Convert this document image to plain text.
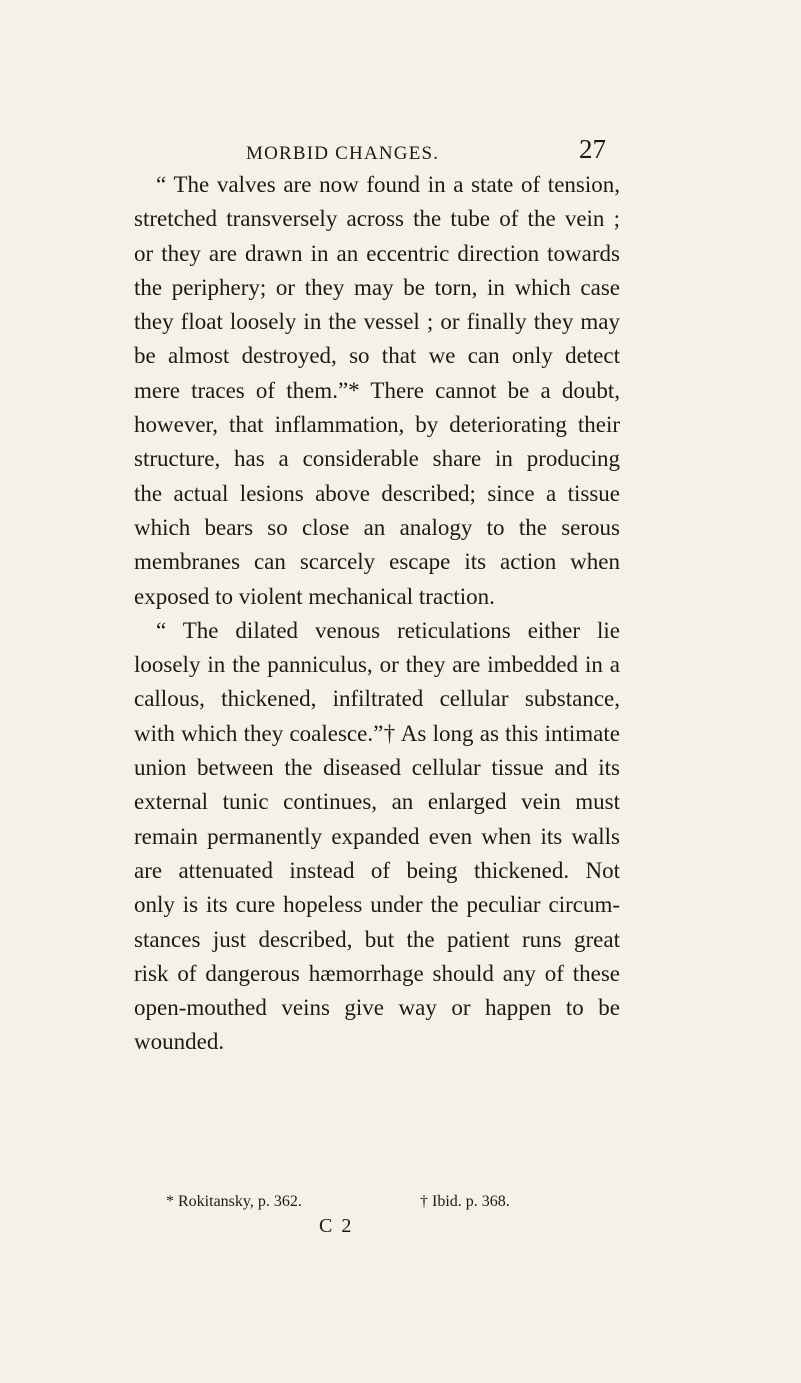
MORBID CHANGES.	27
“ The valves are now found in a state of tension,
stretched transversely across the tube of the vein ;
or they are drawn in an eccentric direction towards
the periphery; or they may be torn, in which case
they float loosely in the vessel ; or finally they may
be almost destroyed, so that we can only detect
mere traces of them.”* There cannot be a doubt,
however, that inflammation, by deteriorating their
structure, has a considerable share in producing
the actual lesions above described; since a tissue
which bears so close an analogy to the serous
membranes can scarcely escape its action when
exposed to violent mechanical traction.
“ The dilated venous reticulations either lie
loosely in the panniculus, or they are imbedded in a
callous, thickened, infiltrated cellular substance,
with which they coalesce.”† As long as this intimate
union between the diseased cellular tissue and its
external tunic continues, an enlarged vein must
remain permanently expanded even when its walls
are attenuated instead of being thickened. Not
only is its cure hopeless under the peculiar circum-
stances just described, but the patient runs great
risk of dangerous hæmorrhage should any of these
open-mouthed veins give way or happen to be
wounded.
* Rokitansky, p. 362.	† Ibid. p. 368.
C 2
